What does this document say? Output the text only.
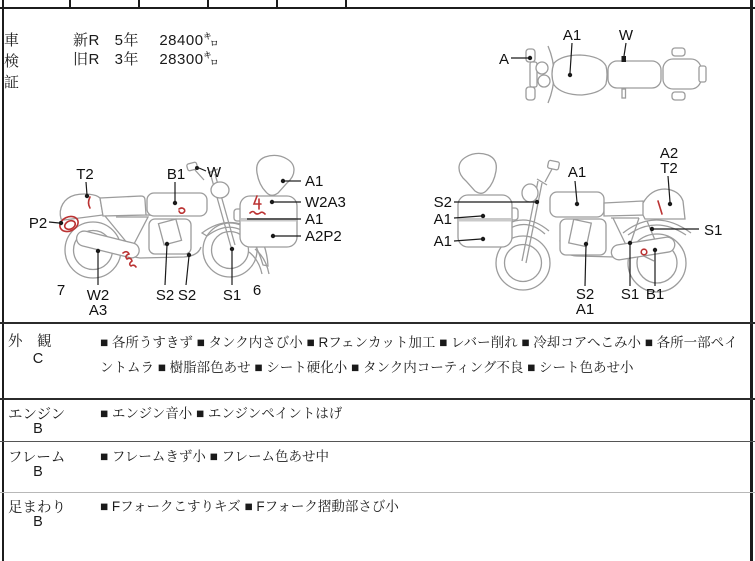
車検証
新R 5年 28400㌔
旧R 3年 28300㌔	A
A1	W
T2	B1 W
P2
7 W2
A3
S2 S2 S1 6
A1
W2A3
A1
A2P2
S2
A1
A1
A1
A2
T2
S1
S2
A1
S1 B1
外　観
C
■ 各所うすきず ■ タンク内さび小 ■ Rフェンカット加工 ■ レバー削れ ■ 冷却コアへこみ小 ■ 各所一部ペイントムラ ■ 樹脂部色あせ ■ シート硬化小 ■ タンク内コーティング不良 ■ シート色あせ小
エンジン
B
■ エンジン音小 ■ エンジンペイントはげ
フレーム
B
■ フレームきず小 ■ フレーム色あせ中
足まわり
B
■ Fフォークこすりキズ ■ Fフォーク摺動部さび小
